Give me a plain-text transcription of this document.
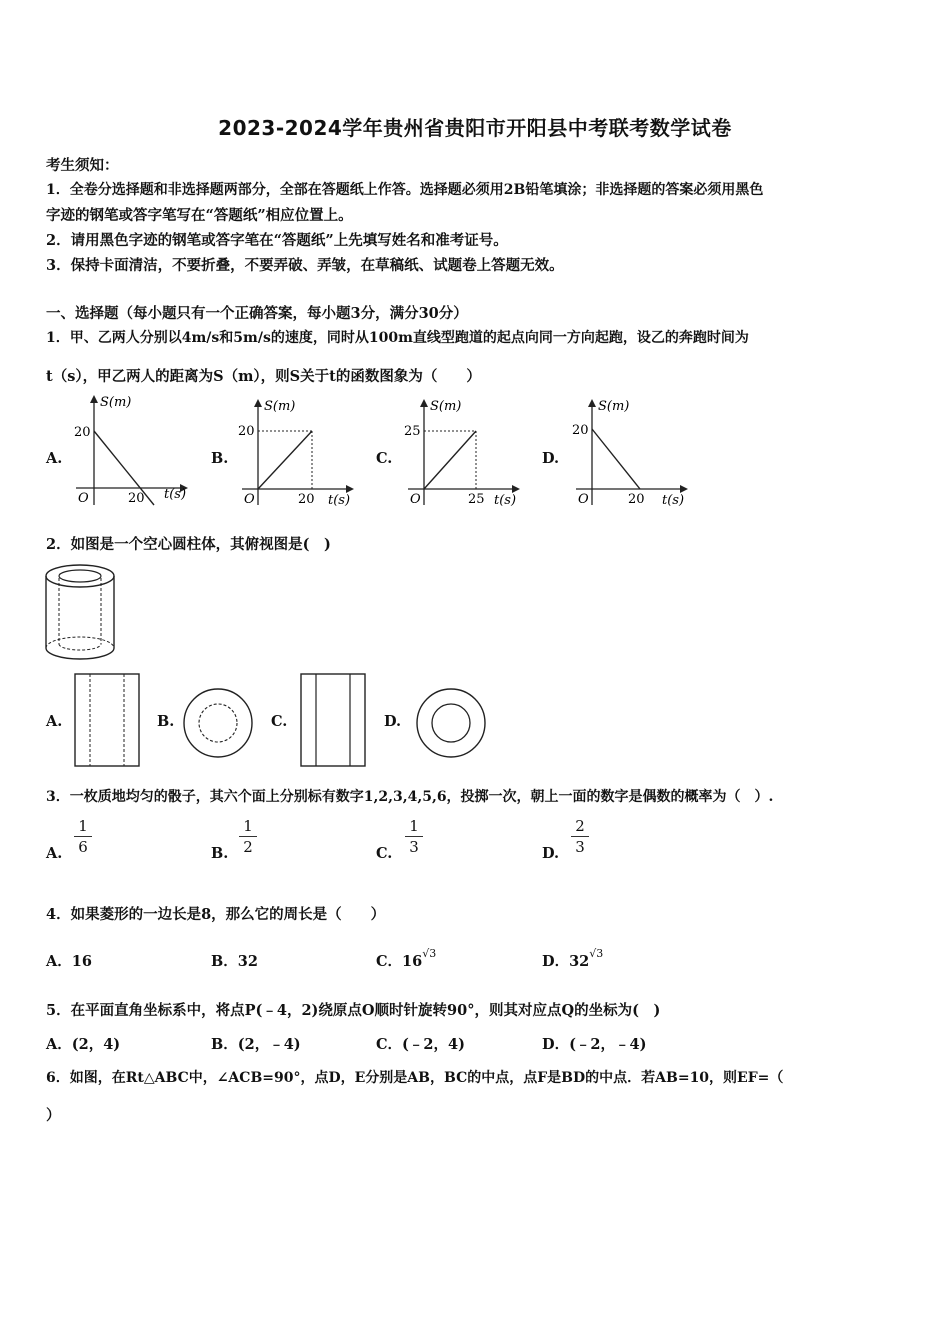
2023-2024学年贵州省贵阳市开阳县中考联考数学试卷
考生须知：
1．全卷分选择题和非选择题两部分，全部在答题纸上作答。选择题必须用2B铅笔填涂；非选择题的答案必须用黑色
字迹的钢笔或答字笔写在“答题纸”相应位置上。
2．请用黑色字迹的钢笔或答字笔在“答题纸”上先填写姓名和准考证号。
3．保持卡面清洁，不要折叠，不要弄破、弄皱，在草稿纸、试题卷上答题无效。
一、选择题（每小题只有一个正确答案，每小题3分，满分30分）
1．甲、乙两人分别以4m/s和5m/s的速度，同时从100m直线型跑道的起点向同一方向起跑，设乙的奔跑时间为
t（s），甲乙两人的距离为S（m），则S关于t的函数图象为（　　）
A.	B.	C.	D.
S(m)
t(s)
O
20
20
S(m)
t(s)
O
20
20
S(m)
t(s)
O
25
25
S(m)
t(s)
O
20
20
2．如图是一个空心圆柱体，其俯视图是(　)
A.	B.	C.	D.
3．一枚质地均匀的骰子，其六个面上分别标有数字1,2,3,4,5,6，投掷一次，朝上一面的数字是偶数的概率为（　）.
A.
1
6	B.
1
2	C.
1
3	D.
2
3
4．如果菱形的一边长是8，那么它的周长是（　　）
A．16	B．32	C．$16^{√3}$	D．$32^{√3}$
5．在平面直角坐标系中，将点P(﹣4，2)绕原点O顺时针旋转90°，则其对应点Q的坐标为(　)
A．(2，4)	B．(2，﹣4)	C．(﹣2，4)	D．(﹣2，﹣4)
6．如图，在Rt△ABC中，∠ACB=90°，点D，E分别是AB，BC的中点，点F是BD的中点．若AB=10，则EF=（
）
